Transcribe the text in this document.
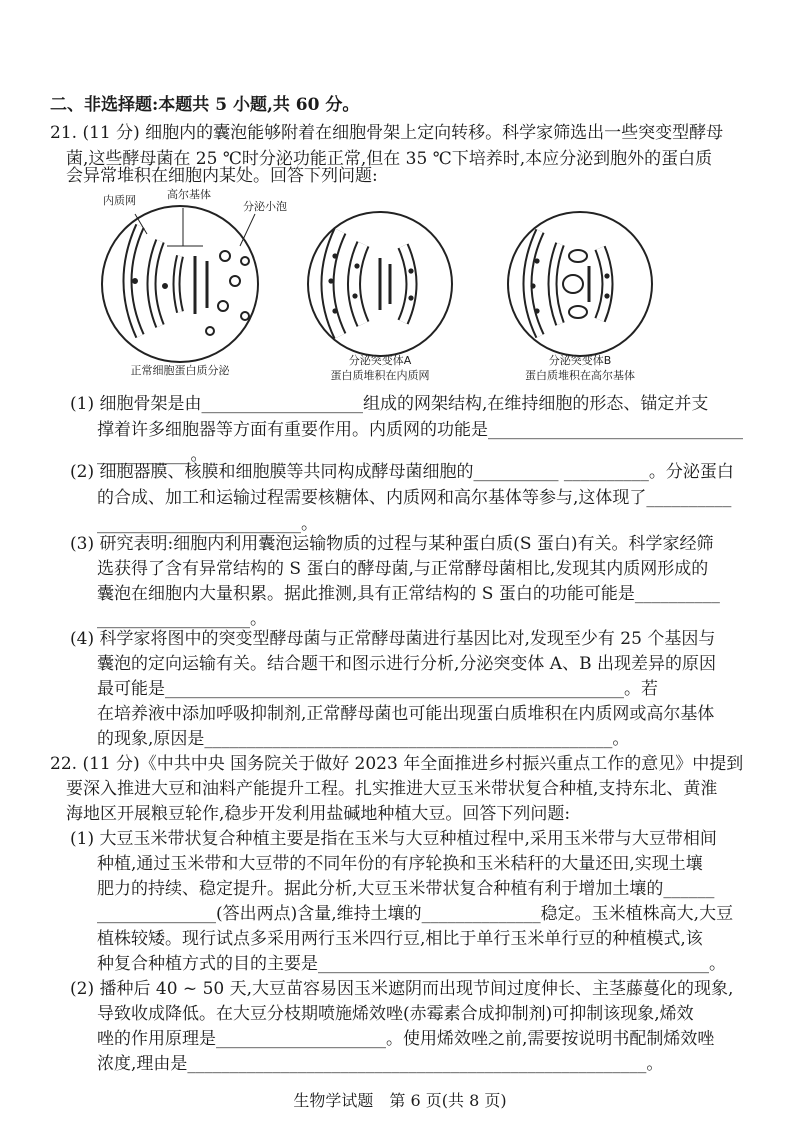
二、非选择题:本题共 5 小题,共 60 分。
21. (11 分) 细胞内的囊泡能够附着在细胞骨架上定向转移。科学家筛选出一些突变型酵母
菌,这些酵母菌在 25 ℃时分泌功能正常,但在 35 ℃下培养时,本应分泌到胞外的蛋白质
会异常堆积在细胞内某处。回答下列问题:
内质网	高尔基体
分泌小泡
正常细胞蛋白质分泌
分泌突变体A
蛋白质堆积在内质网
分泌突变体B
蛋白质堆积在高尔基体
(1) 细胞骨架是由___________________组成的网架结构,在维持细胞的形态、锚定并支
撑着许多细胞器等方面有重要作用。内质网的功能是______________________________
___________。
(2) 细胞器膜、核膜和细胞膜等共同构成酵母菌细胞的__________ __________。分泌蛋白
的合成、加工和运输过程需要核糖体、内质网和高尔基体等参与,这体现了__________
________________________。
(3) 研究表明:细胞内利用囊泡运输物质的过程与某种蛋白质(S 蛋白)有关。科学家经筛
选获得了含有异常结构的 S 蛋白的酵母菌,与正常酵母菌相比,发现其内质网形成的
囊泡在细胞内大量积累。据此推测,具有正常结构的 S 蛋白的功能可能是__________
__________________。
(4) 科学家将图中的突变型酵母菌与正常酵母菌进行基因比对,发现至少有 25 个基因与
囊泡的定向运输有关。结合题干和图示进行分析,分泌突变体 A、B 出现差异的原因
最可能是______________________________________________________。若
在培养液中添加呼吸抑制剂,正常酵母菌也可能出现蛋白质堆积在内质网或高尔基体
的现象,原因是________________________________________________。
22. (11 分)《中共中央 国务院关于做好 2023 年全面推进乡村振兴重点工作的意见》中提到
要深入推进大豆和油料产能提升工程。扎实推进大豆玉米带状复合种植,支持东北、黄淮
海地区开展粮豆轮作,稳步开发利用盐碱地种植大豆。回答下列问题:
(1) 大豆玉米带状复合种植主要是指在玉米与大豆种植过程中,采用玉米带与大豆带相间
种植,通过玉米带和大豆带的不同年份的有序轮换和玉米秸秆的大量还田,实现土壤
肥力的持续、稳定提升。据此分析,大豆玉米带状复合种植有利于增加土壤的______
______________(答出两点)含量,维持土壤的______________稳定。玉米植株高大,大豆
植株较矮。现行试点多采用两行玉米四行豆,相比于单行玉米单行豆的种植模式,该
种复合种植方式的目的主要是______________________________________________。
(2) 播种后 40 ~ 50 天,大豆苗容易因玉米遮阴而出现节间过度伸长、主茎藤蔓化的现象,
导致收成降低。在大豆分枝期喷施烯效唑(赤霉素合成抑制剂)可抑制该现象,烯效
唑的作用原理是____________________。使用烯效唑之前,需要按说明书配制烯效唑
浓度,理由是______________________________________________________。
生物学试题　第 6 页(共 8 页)
